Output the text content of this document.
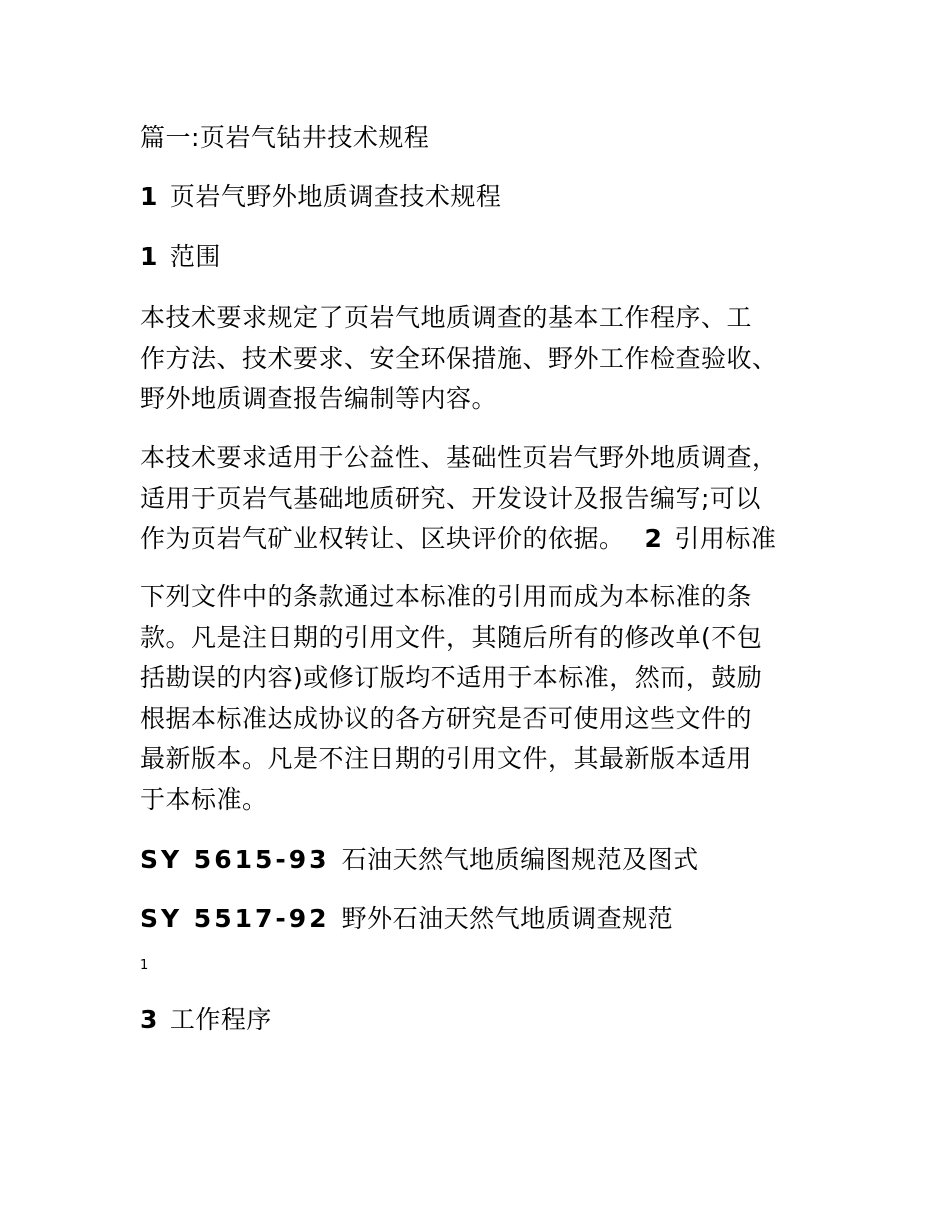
篇一:页岩气钻井技术规程
1 页岩气野外地质调查技术规程
1 范围
本技术要求规定了页岩气地质调查的基本工作程序、工
作方法、技术要求、安全环保措施、野外工作检查验收、
野外地质调查报告编制等内容。
本技术要求适用于公益性、基础性页岩气野外地质调查，
适用于页岩气基础地质研究、开发设计及报告编写;可以
作为页岩气矿业权转让、区块评价的依据。 2 引用标准
下列文件中的条款通过本标准的引用而成为本标准的条
款。凡是注日期的引用文件，其随后所有的修改单(不包
括勘误的内容)或修订版均不适用于本标准，然而，鼓励
根据本标准达成协议的各方研究是否可使用这些文件的
最新版本。凡是不注日期的引用文件，其最新版本适用
于本标准。
SY 5615-93 石油天然气地质编图规范及图式
SY 5517-92 野外石油天然气地质调查规范
1
3 工作程序
